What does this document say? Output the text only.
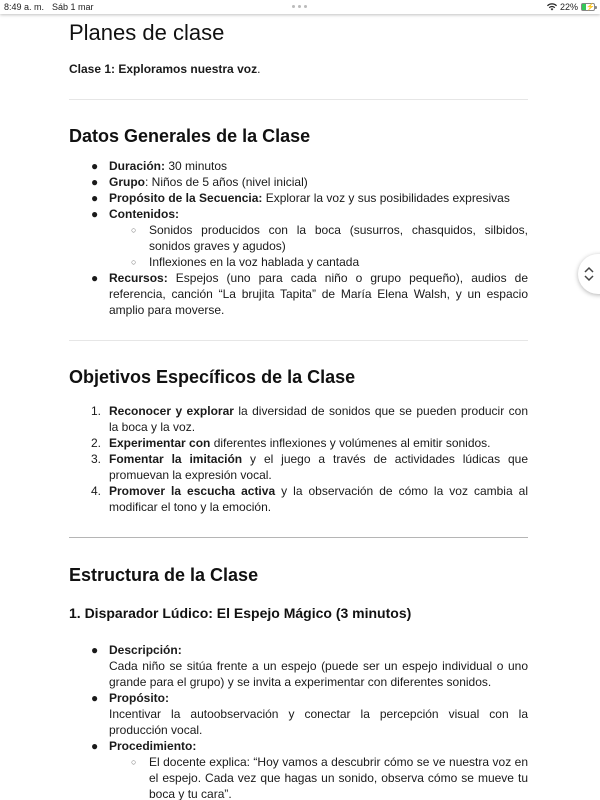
8:49 a. m. Sáb 1 mar	22% ⚡
Planes de clase

Clase 1: Exploramos nuestra voz.

Datos Generales de la Clase
● Duración: 30 minutos
● Grupo: Niños de 5 años (nivel inicial)
● Propósito de la Secuencia: Explorar la voz y sus posibilidades expresivas
● Contenidos:
○ Sonidos producidos con la boca (susurros, chasquidos, silbidos, sonidos graves y agudos)
○ Inflexiones en la voz hablada y cantada
● Recursos: Espejos (uno para cada niño o grupo pequeño), audios de referencia, canción “La brujita Tapita” de María Elena Walsh, y un espacio amplio para moverse.
Objetivos Específicos de la Clase
1. Reconocer y explorar la diversidad de sonidos que se pueden producir con la boca y la voz.
2. Experimentar con diferentes inflexiones y volúmenes al emitir sonidos.
3. Fomentar la imitación y el juego a través de actividades lúdicas que promuevan la expresión vocal.
4. Promover la escucha activa y la observación de cómo la voz cambia al modificar el tono y la emoción.
Estructura de la Clase
1. Disparador Lúdico: El Espejo Mágico (3 minutos)
● Descripción:
Cada niño se sitúa frente a un espejo (puede ser un espejo individual o uno grande para el grupo) y se invita a experimentar con diferentes sonidos.
● Propósito:
Incentivar la autoobservación y conectar la percepción visual con la producción vocal.
● Procedimiento:
○ El docente explica: “Hoy vamos a descubrir cómo se ve nuestra voz en el espejo. Cada vez que hagas un sonido, observa cómo se mueve tu boca y tu cara”.
